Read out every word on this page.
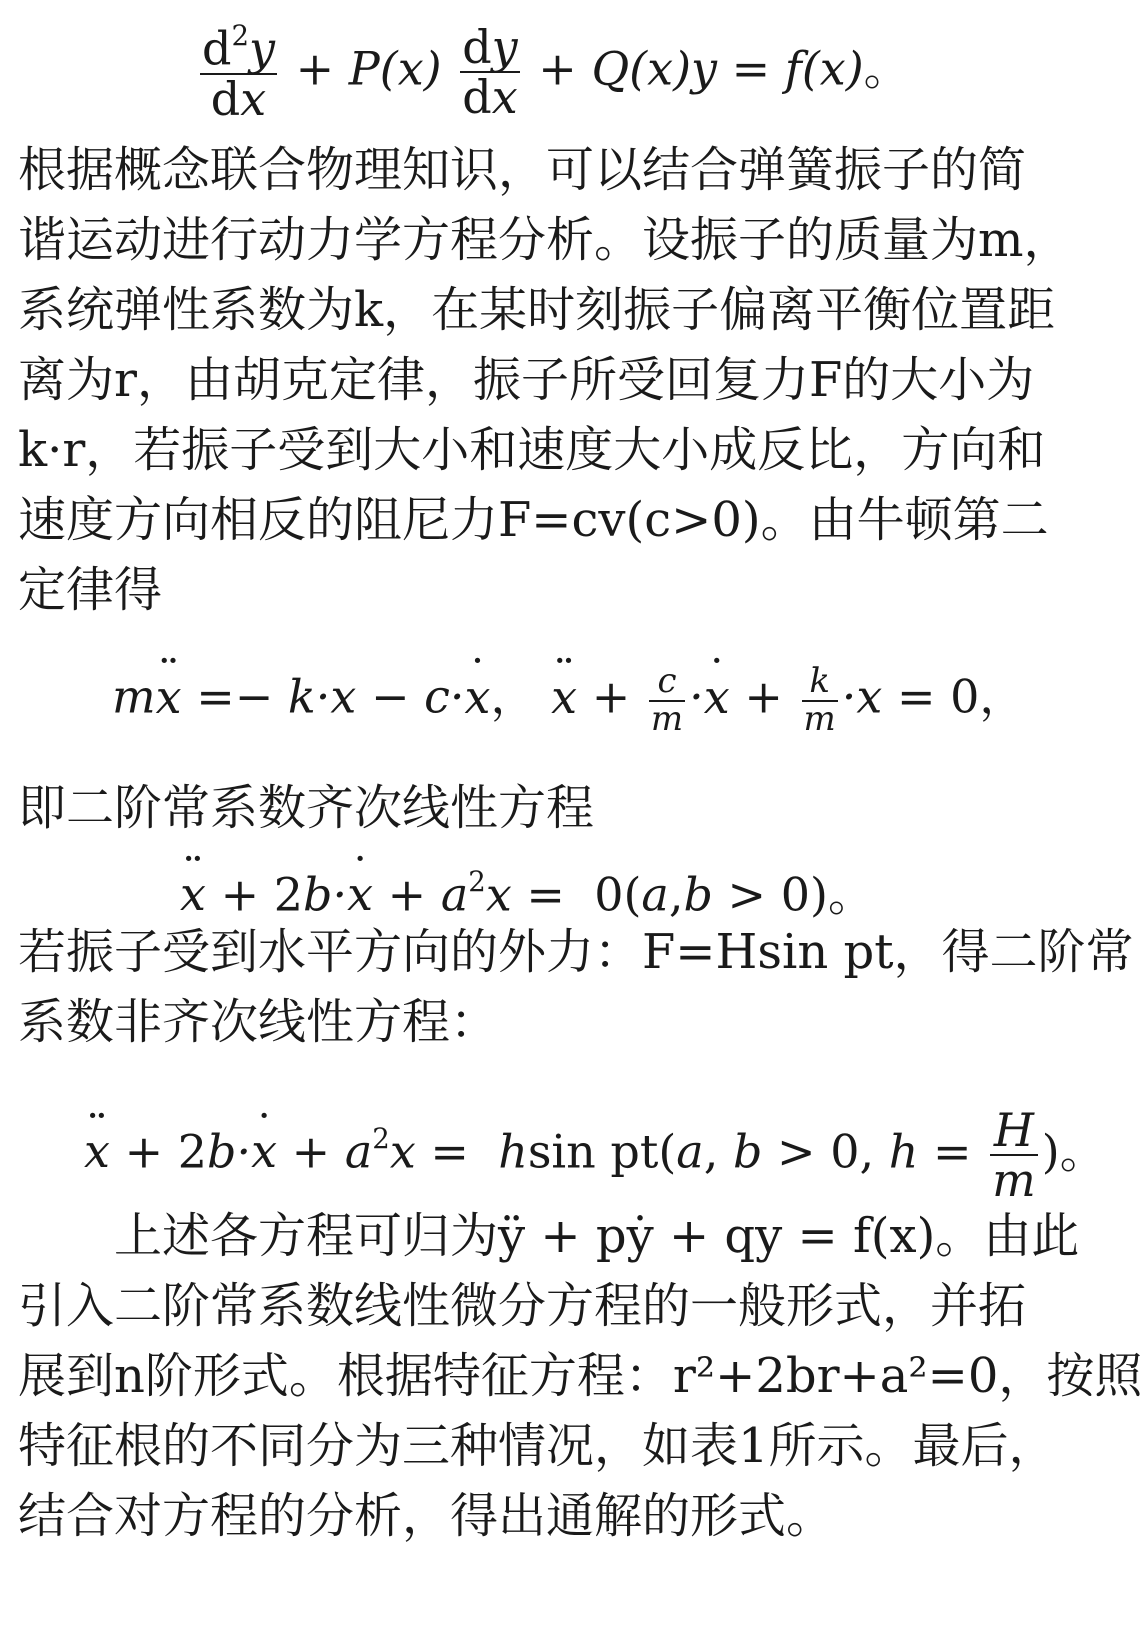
$\frac{d^2y}{dx} + P(x) \frac{dy}{dx} + Q(x)y = f(x)$。
根据概念联合物理知识，可以结合弹簧振子的简
谐运动进行动力学方程分析。设振子的质量为m，
系统弹性系数为k，在某时刻振子偏离平衡位置距
离为r，由胡克定律，振子所受回复力F的大小为
k·r，若振子受到大小和速度大小成反比，方向和
速度方向相反的阻尼力F=cv(c>0)。由牛顿第二
定律得
m¨ x =− k·x − c·˙ x， ¨ $x + \frac{c}{m}$ ·˙ $x + \frac{k}{m} \cdot x = 0$，
即二阶常系数齐次线性方程
¨ x + 2b·˙ $x + a^2x = 0(a,b > 0)$。
若振子受到水平方向的外力：F=Hsin pt，得二阶常
系数非齐次线性方程：
¨ x + 2b·˙ $x + a^2x = hsin$ pt(a, b > 0, $h = \frac{H}{m}$ )。
上述各方程可归为ÿ + pẏ + qy = f(x)。由此
引入二阶常系数线性微分方程的一般形式，并拓
展到n阶形式。根据特征方程：r²+2br+a²=0，按照
特征根的不同分为三种情况，如表1所示。最后，
结合对方程的分析，得出通解的形式。
